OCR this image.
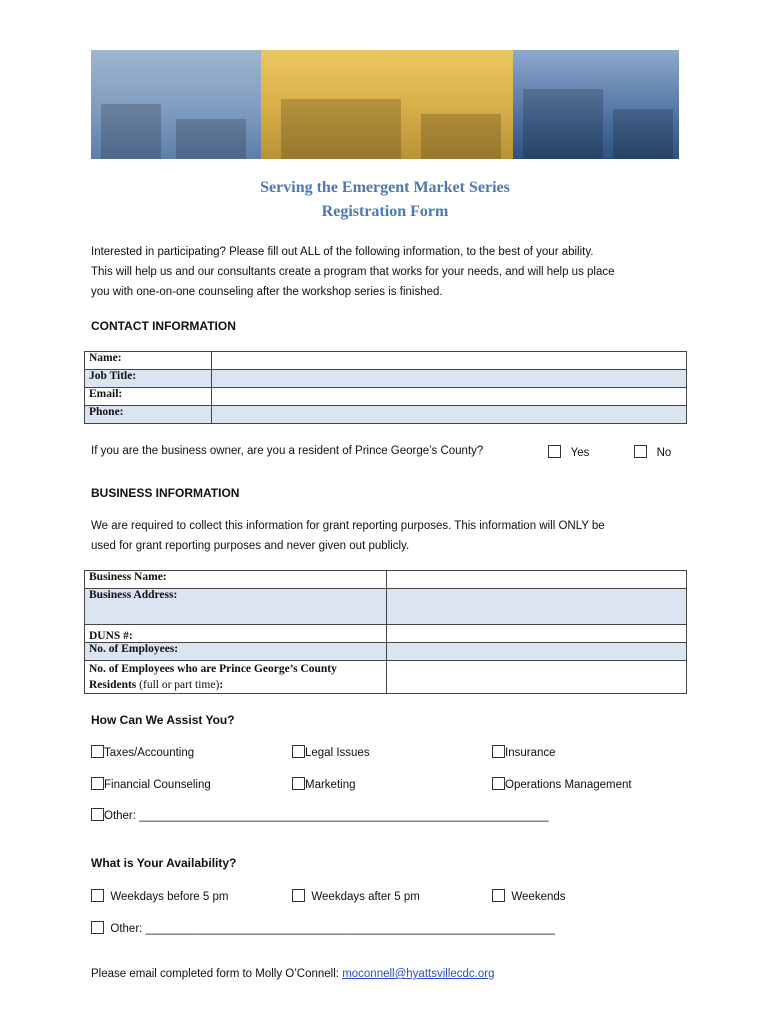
Serving the Emergent Market Series
Registration Form
Interested in participating? Please fill out ALL of the following information, to the best of your ability.
This will help us and our consultants create a program that works for your needs, and will help us place
you with one-on-one counseling after the workshop series is finished.
CONTACT INFORMATION
Name:	
Job Title:	
Email:	
Phone:	
If you are the business owner, are you a resident of Prince George’s County?	Yes	No
BUSINESS INFORMATION
We are required to collect this information for grant reporting purposes. This information will ONLY be
used for grant reporting purposes and never given out publicly.
Business Name:	
Business Address:	
DUNS #:	
No. of Employees:	
No. of Employees who are Prince George’s County
Residents (full or part time):	
How Can We Assist You?
Taxes/Accounting	Legal Issues	Insurance
Financial Counseling	Marketing	Operations Management
Other: ________________________________________________________________
What is Your Availability?
Weekdays before 5 pm	Weekdays after 5 pm	Weekends
Other: ________________________________________________________________
Please email completed form to Molly O’Connell: moconnell@hyattsvillecdc.org
